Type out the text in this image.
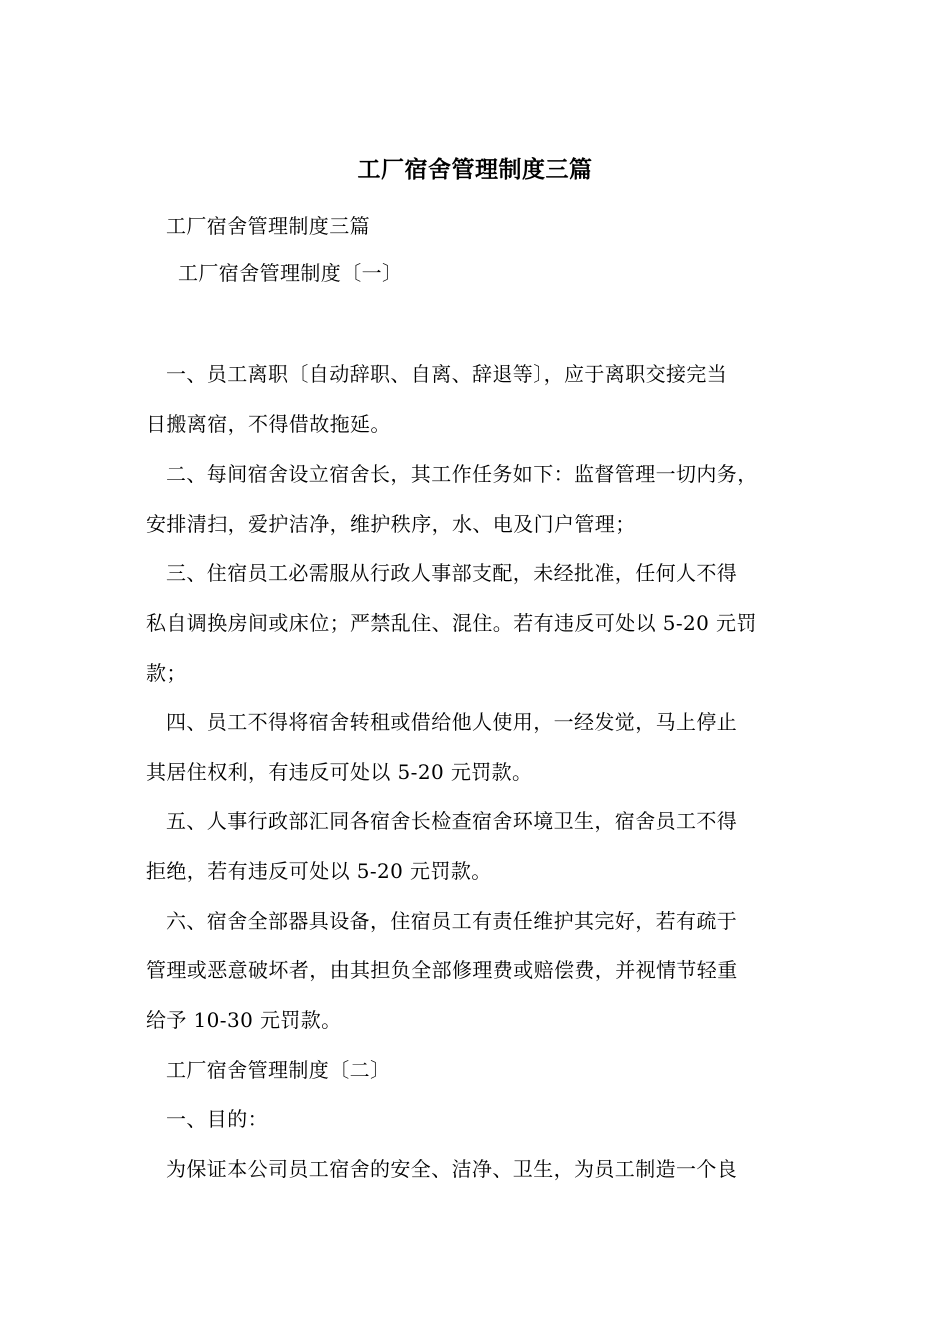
工厂宿舍管理制度三篇
工厂宿舍管理制度三篇
工厂宿舍管理制度〔一〕
一、员工离职〔自动辞职、自离、辞退等〕，应于离职交接完当
日搬离宿，不得借故拖延。
二、每间宿舍设立宿舍长，其工作任务如下：监督管理一切内务，
安排清扫，爱护洁净，维护秩序，水、电及门户管理；
三、住宿员工必需服从行政人事部支配，未经批准，任何人不得
私自调换房间或床位；严禁乱住、混住。若有违反可处以 5-20 元罚
款；
四、员工不得将宿舍转租或借给他人使用，一经发觉，马上停止
其居住权利，有违反可处以 5-20 元罚款。
五、人事行政部汇同各宿舍长检查宿舍环境卫生，宿舍员工不得
拒绝，若有违反可处以 5-20 元罚款。
六、宿舍全部器具设备，住宿员工有责任维护其完好，若有疏于
管理或恶意破坏者，由其担负全部修理费或赔偿费，并视情节轻重
给予 10-30 元罚款。
工厂宿舍管理制度〔二〕
一、目的：
为保证本公司员工宿舍的安全、洁净、卫生，为员工制造一个良
